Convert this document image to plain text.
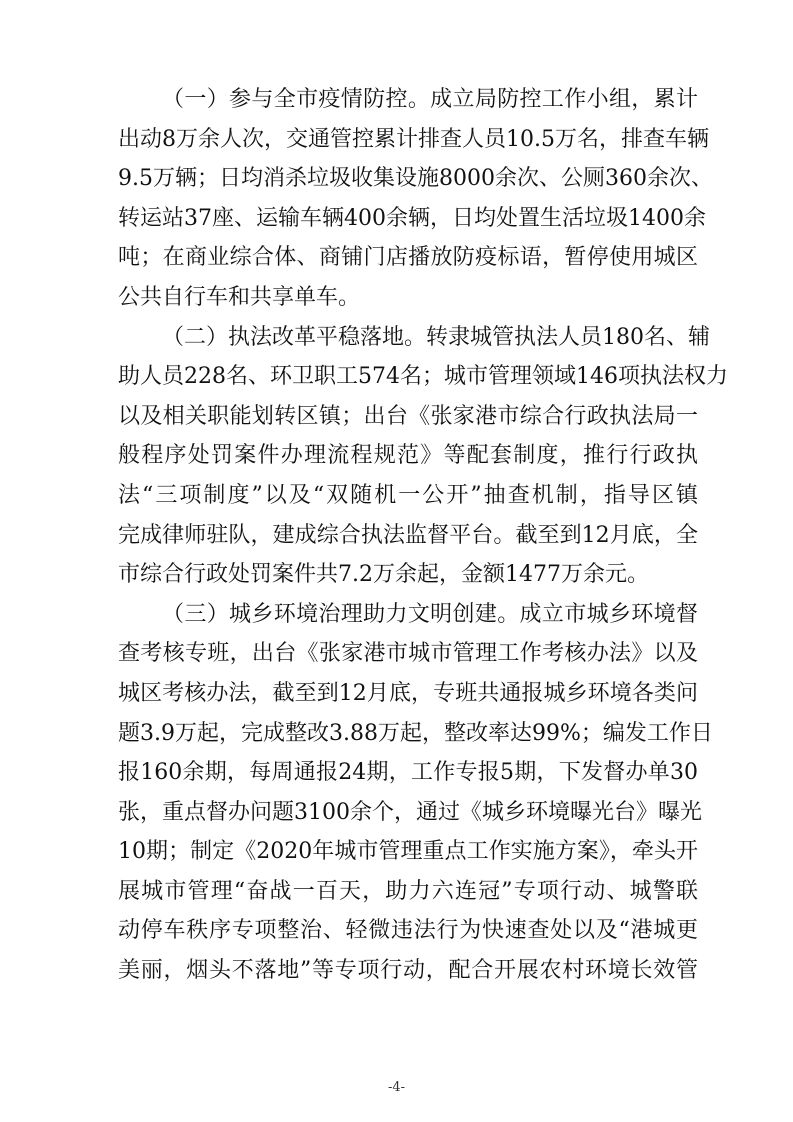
（一）参与全市疫情防控。成立局防控工作小组，累计
出动8万余人次，交通管控累计排查人员10.5万名，排查车辆
9.5万辆；日均消杀垃圾收集设施8000余次、公厕360余次、
转运站37座、运输车辆400余辆，日均处置生活垃圾1400余
吨；在商业综合体、商铺门店播放防疫标语，暂停使用城区
公共自行车和共享单车。
（二）执法改革平稳落地。转隶城管执法人员180名、辅
助人员228名、环卫职工574名；城市管理领域146项执法权力
以及相关职能划转区镇；出台《张家港市综合行政执法局一
般程序处罚案件办理流程规范》等配套制度，推行行政执
法“三项制度”以及“双随机一公开”抽查机制，指导区镇
完成律师驻队，建成综合执法监督平台。截至到12月底，全
市综合行政处罚案件共7.2万余起，金额1477万余元。
（三）城乡环境治理助力文明创建。成立市城乡环境督
查考核专班，出台《张家港市城市管理工作考核办法》以及
城区考核办法，截至到12月底，专班共通报城乡环境各类问
题3.9万起，完成整改3.88万起，整改率达99%；编发工作日
报160余期，每周通报24期，工作专报5期，下发督办单30
张，重点督办问题3100余个，通过《城乡环境曝光台》曝光
10期；制定《2020年城市管理重点工作实施方案》，牵头开
展城市管理“奋战一百天，助力六连冠”专项行动、城警联
动停车秩序专项整治、轻微违法行为快速查处以及“港城更
美丽，烟头不落地”等专项行动，配合开展农村环境长效管
-4-
